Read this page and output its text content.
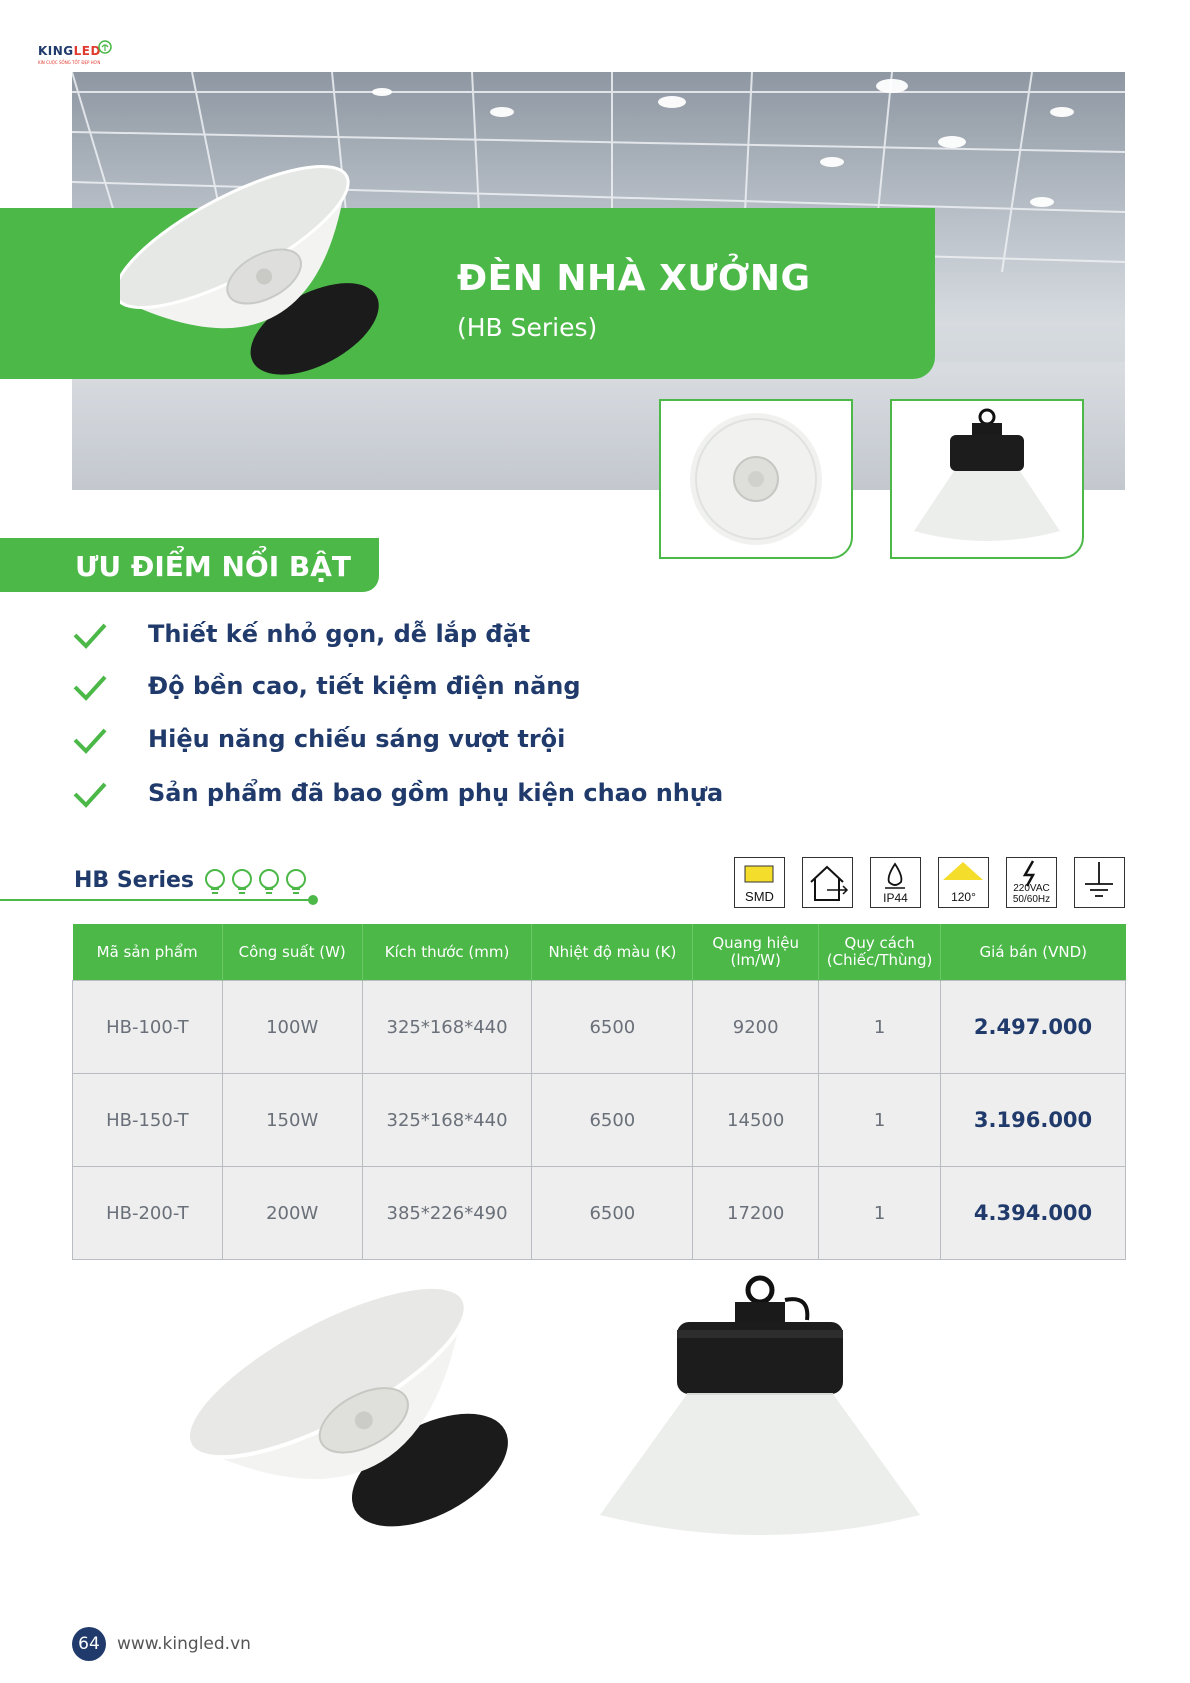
KINGLED
KIN CUỘC SỐNG TỐT ĐẸP HƠN
ĐÈN NHÀ XƯỞNG
(HB Series)
ƯU ĐIỂM NỔI BẬT
Thiết kế nhỏ gọn, dễ lắp đặt
Độ bền cao, tiết kiệm điện năng
Hiệu năng chiếu sáng vượt trội
Sản phẩm đã bao gồm phụ kiện chao nhựa
HB Series
SMD	IP44	120°
220VAC
50/60Hz
Mã sản phẩm	Công suất (W)	Kích thước (mm)	Nhiệt độ màu (K)	Quang hiệu (lm/W)	Quy cách (Chiếc/Thùng)	Giá bán (VND)
HB-100-T	100W	325*168*440	6500	9200	1	2.497.000
HB-150-T	150W	325*168*440	6500	14500	1	3.196.000
HB-200-T	200W	385*226*490	6500	17200	1	4.394.000
64	www.kingled.vn
